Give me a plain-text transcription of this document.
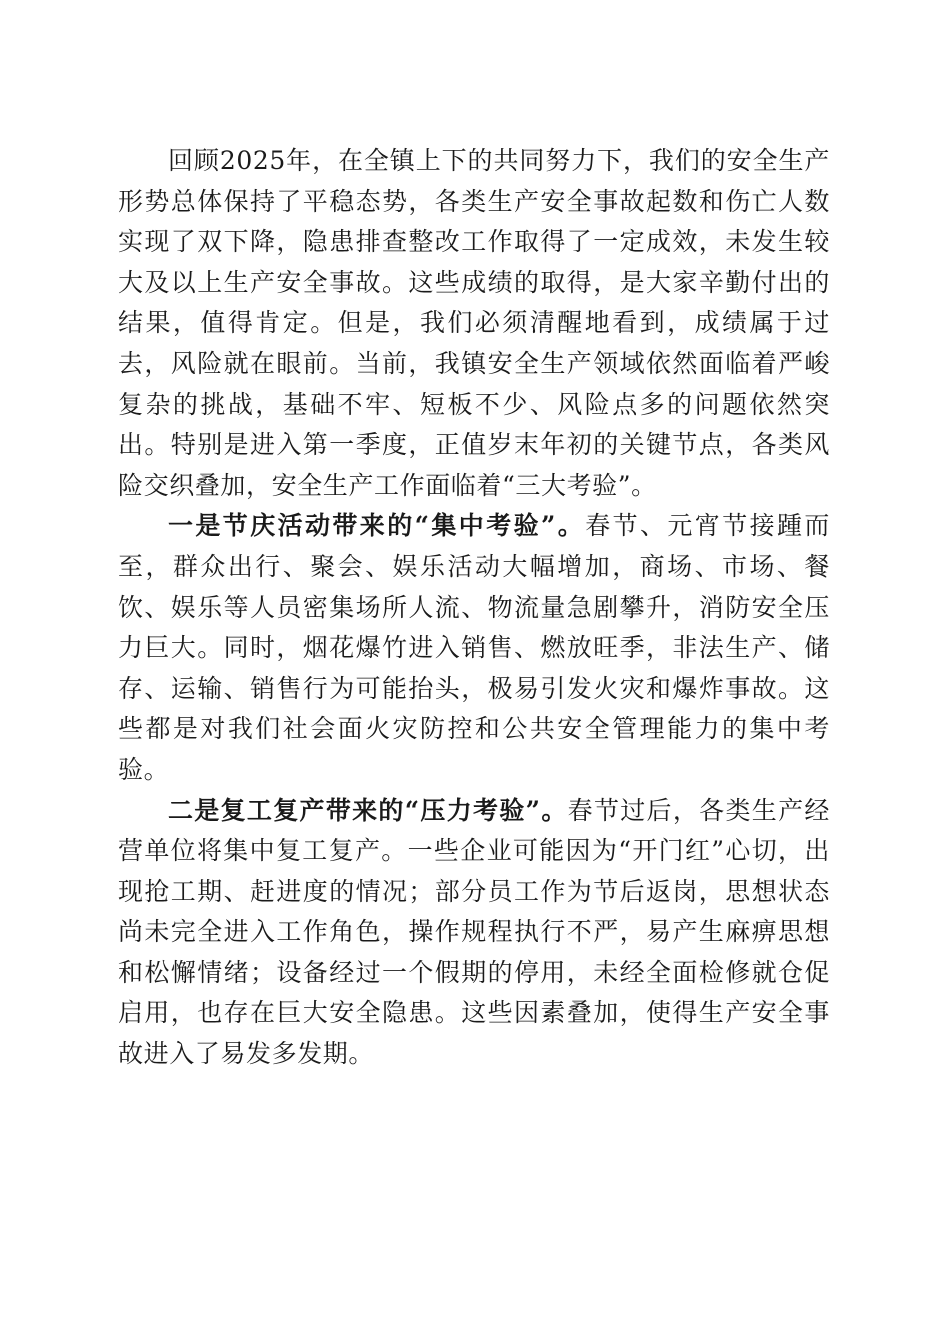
回顾2025年，在全镇上下的共同努力下，我们的安全生产形势总体保持了平稳态势，各类生产安全事故起数和伤亡人数实现了双下降，隐患排查整改工作取得了一定成效，未发生较大及以上生产安全事故。这些成绩的取得，是大家辛勤付出的结果，值得肯定。但是，我们必须清醒地看到，成绩属于过去，风险就在眼前。当前，我镇安全生产领域依然面临着严峻复杂的挑战，基础不牢、短板不少、风险点多的问题依然突出。特别是进入第一季度，正值岁末年初的关键节点，各类风险交织叠加，安全生产工作面临着“三大考验”。

一是节庆活动带来的“集中考验”。春节、元宵节接踵而至，群众出行、聚会、娱乐活动大幅增加，商场、市场、餐饮、娱乐等人员密集场所人流、物流量急剧攀升，消防安全压力巨大。同时，烟花爆竹进入销售、燃放旺季，非法生产、储存、运输、销售行为可能抬头，极易引发火灾和爆炸事故。这些都是对我们社会面火灾防控和公共安全管理能力的集中考验。

二是复工复产带来的“压力考验”。春节过后，各类生产经营单位将集中复工复产。一些企业可能因为“开门红”心切，出现抢工期、赶进度的情况；部分员工作为节后返岗，思想状态尚未完全进入工作角色，操作规程执行不严，易产生麻痹思想和松懈情绪；设备经过一个假期的停用，未经全面检修就仓促启用，也存在巨大安全隐患。这些因素叠加，使得生产安全事故进入了易发多发期。
